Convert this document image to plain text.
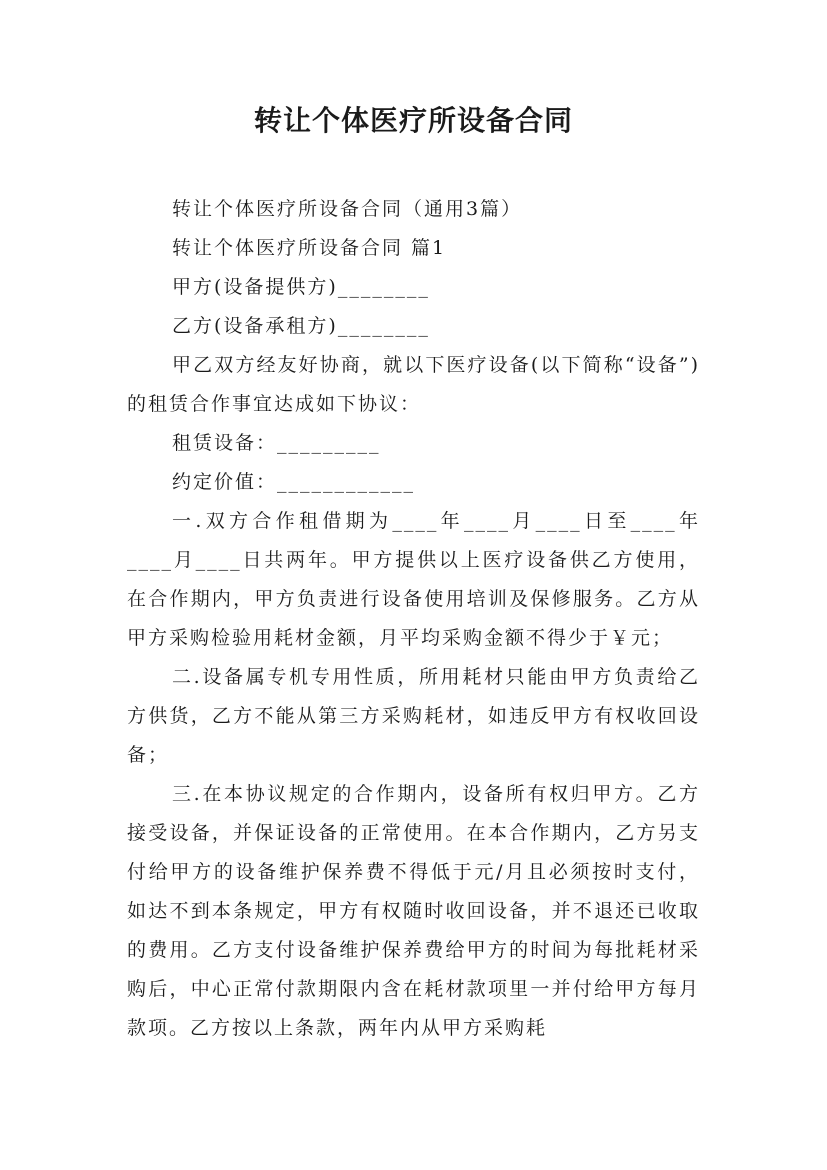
转让个体医疗所设备合同

转让个体医疗所设备合同（通用3篇）

转让个体医疗所设备合同 篇1

甲方(设备提供方)________

乙方(设备承租方)________

甲乙双方经友好协商，就以下医疗设备(以下简称“设备”)的租赁合作事宜达成如下协议：

租赁设备：_________

约定价值：____________

一.双方合作租借期为____年____月____日至____年____月____日共两年。甲方提供以上医疗设备供乙方使用，在合作期内，甲方负责进行设备使用培训及保修服务。乙方从甲方采购检验用耗材金额，月平均采购金额不得少于￥元；

二.设备属专机专用性质，所用耗材只能由甲方负责给乙方供货，乙方不能从第三方采购耗材，如违反甲方有权收回设备；

三.在本协议规定的合作期内，设备所有权归甲方。乙方接受设备，并保证设备的正常使用。在本合作期内，乙方另支付给甲方的设备维护保养费不得低于元/月且必须按时支付，如达不到本条规定，甲方有权随时收回设备，并不退还已收取的费用。乙方支付设备维护保养费给甲方的时间为每批耗材采购后，中心正常付款期限内含在耗材款项里一并付给甲方每月款项。乙方按以上条款，两年内从甲方采购耗
